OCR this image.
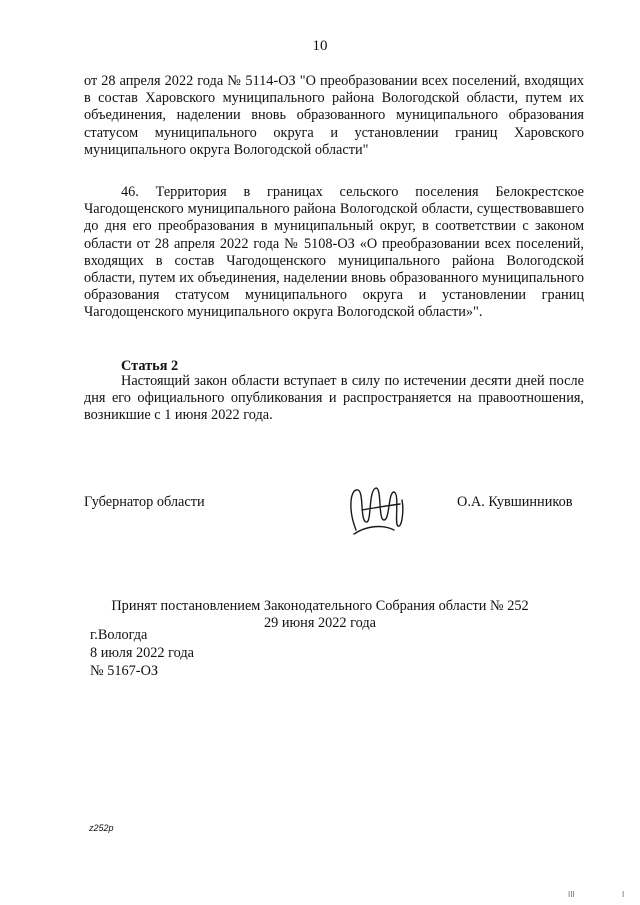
10

от 28 апреля 2022 года № 5114-ОЗ "О преобразовании всех поселений, входящих в состав Харовского муниципального района Вологодской области, путем их объединения, наделении вновь образованного муниципального образования статусом муниципального округа и установлении границ Харовского муниципального округа Вологодской области"

46. Территория в границах сельского поселения Белокрестское Чагодощенского муниципального района Вологодской области, существовавшего до дня его преобразования в муниципальный округ, в соответствии с законом области от 28 апреля 2022 года № 5108-ОЗ «О преобразовании всех поселений, входящих в состав Чагодощенского муниципального района Вологодской области, путем их объединения, наделении вновь образованного муниципального образования статусом муниципального округа и установлении границ Чагодощенского муниципального округа Вологодской области»".

Статья 2

Настоящий закон области вступает в силу по истечении десяти дней после дня его официального опубликования и распространяется на правоотношения, возникшие с 1 июня 2022 года.

Губернатор области	О.А. Кувшинников
Принят постановлением Законодательного Собрания области № 252
29 июня 2022 года
г.Вологда
8 июля 2022 года
№ 5167-ОЗ
z252p
III	I
